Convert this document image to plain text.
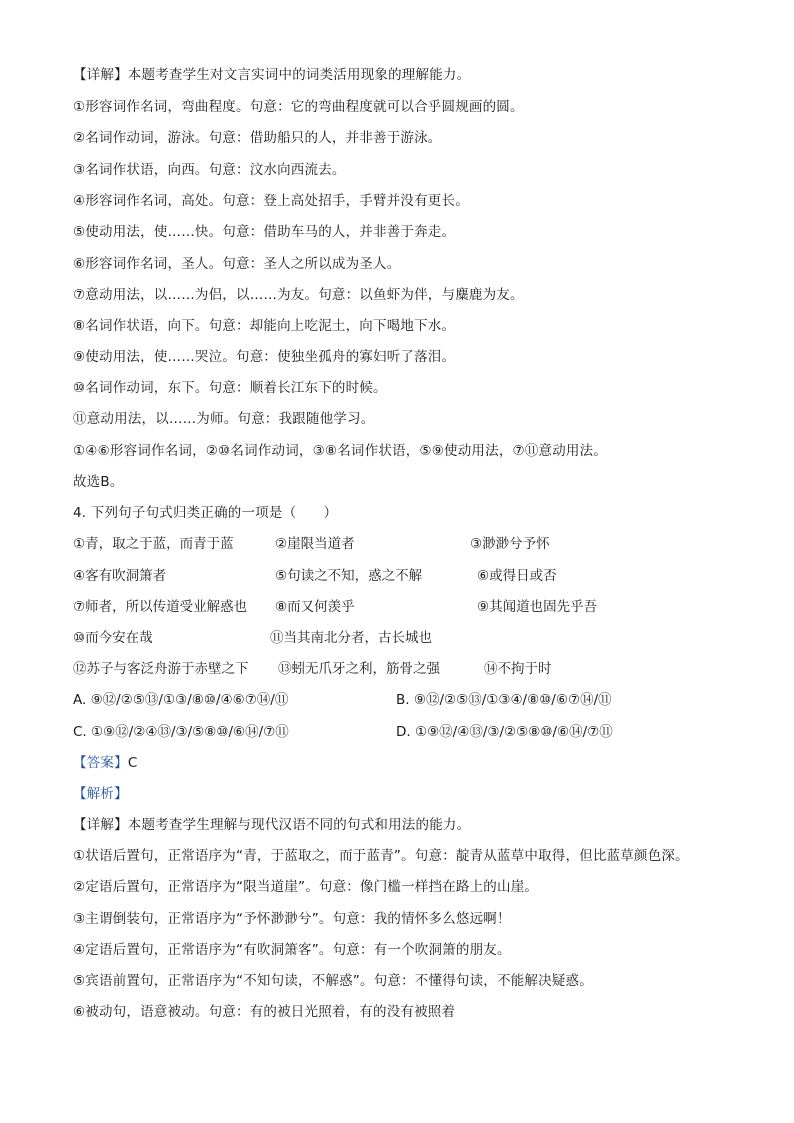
【详解】本题考查学生对文言实词中的词类活用现象的理解能力。
①形容词作名词，弯曲程度。句意：它的弯曲程度就可以合乎圆规画的圆。
②名词作动词，游泳。句意：借助船只的人，并非善于游泳。
③名词作状语，向西。句意：汶水向西流去。
④形容词作名词，高处。句意：登上高处招手，手臂并没有更长。
⑤使动用法，使……快。句意：借助车马的人，并非善于奔走。
⑥形容词作名词，圣人。句意：圣人之所以成为圣人。
⑦意动用法，以……为侣，以……为友。句意：以鱼虾为伴，与麋鹿为友。
⑧名词作状语，向下。句意：却能向上吃泥土，向下喝地下水。
⑨使动用法，使……哭泣。句意：使独坐孤舟的寡妇听了落泪。
⑩名词作动词，东下。句意：顺着长江东下的时候。
⑪意动用法，以……为师。句意：我跟随他学习。
①④⑥形容词作名词，②⑩名词作动词，③⑧名词作状语，⑤⑨使动用法，⑦⑪意动用法。
故选B。
4. 下列句子句式归类正确的一项是（　　）
①青，取之于蓝，而青于蓝	②崖限当道者	③渺渺兮予怀
④客有吹洞箫者	⑤句读之不知，惑之不解	⑥或得日或否
⑦师者，所以传道受业解惑也 ⑧而又何羡乎	⑨其闻道也固先乎吾
⑩而今安在哉	⑪当其南北分者，古长城也
⑫苏子与客泛舟游于赤壁之下 ⑬蚓无爪牙之利，筋骨之强	⑭不拘于时
A. ⑨⑫/②⑤⑬/①③/⑧⑩/④⑥⑦⑭/⑪	B. ⑨⑫/②⑤⑬/①③④/⑧⑩/⑥⑦⑭/⑪
C. ①⑨⑫/②④⑬/③/⑤⑧⑩/⑥⑭/⑦⑪	D. ①⑨⑫/④⑬/③/②⑤⑧⑩/⑥⑭/⑦⑪
【答案】C
【解析】
【详解】本题考查学生理解与现代汉语不同的句式和用法的能力。
①状语后置句，正常语序为“青，于蓝取之，而于蓝青”。句意：靛青从蓝草中取得，但比蓝草颜色深。
②定语后置句，正常语序为“限当道崖”。句意：像门槛一样挡在路上的山崖。
③主谓倒装句，正常语序为“予怀渺渺兮”。句意：我的情怀多么悠远啊！
④定语后置句，正常语序为“有吹洞箫客”。句意：有一个吹洞箫的朋友。
⑤宾语前置句，正常语序为“不知句读，不解惑”。句意：不懂得句读，不能解决疑惑。
⑥被动句，语意被动。句意：有的被日光照着，有的没有被照着
